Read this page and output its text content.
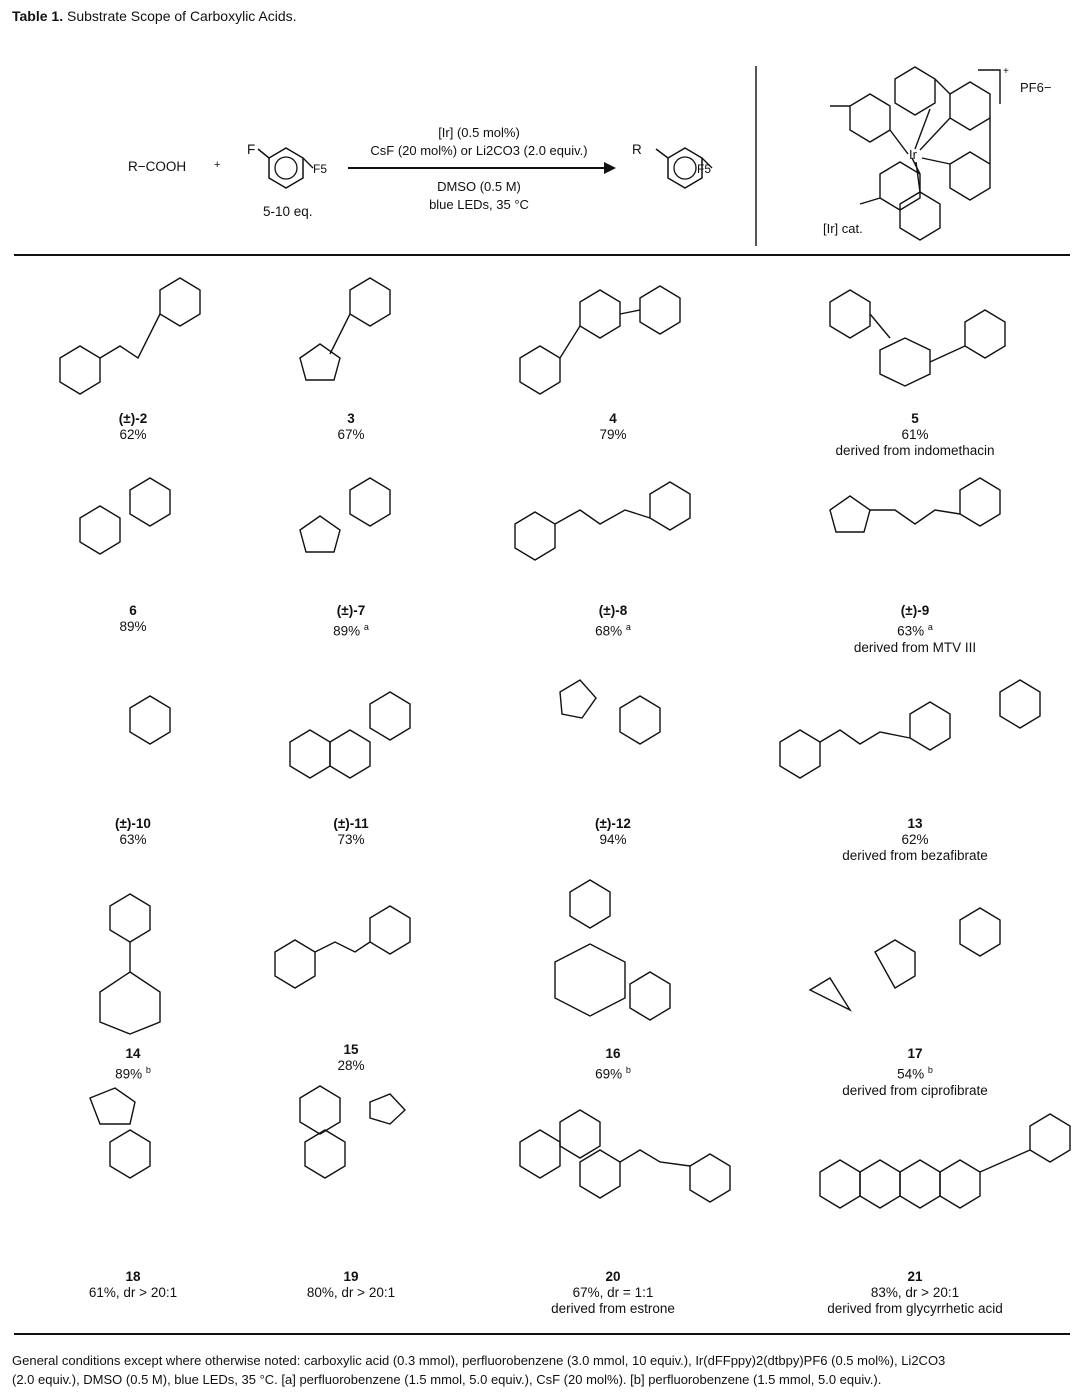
Table 1. Substrate Scope of Carboxylic Acids.
R−COOH	+
F
F5
5-10 eq.
[Ir] (0.5 mol%)
CsF (20 mol%) or Li2CO3 (2.0 equiv.)
DMSO (0.5 M)
blue LEDs, 35 °C
R
F5
Ir
+
PF6−
[Ir] cat.
(±)-2
62%
3
67%
4
79%
5
61%
derived from indomethacin
6
89%
(±)-7
89% $^a$
(±)-8
68% $^a$
(±)-9
63% $^a$
derived from MTV III
(±)-10
63%
(±)-11
73%
(±)-12
94%
13
62%
derived from bezafibrate
14
89% $^b$
15
28%
16
69% $^b$
17
54% $^b$
derived from ciprofibrate
18
61%, dr > 20:1
19
80%, dr > 20:1
20
67%, dr = 1:1
derived from estrone
21
83%, dr > 20:1
derived from glycyrrhetic acid
General conditions except where otherwise noted: carboxylic acid (0.3 mmol), perfluorobenzene (3.0 mmol, 10 equiv.), Ir(dFFppy)2(dtbpy)PF6 (0.5 mol%), Li2CO3
(2.0 equiv.), DMSO (0.5 M), blue LEDs, 35 °C. [a] perfluorobenzene (1.5 mmol, 5.0 equiv.), CsF (20 mol%). [b] perfluorobenzene (1.5 mmol, 5.0 equiv.).
